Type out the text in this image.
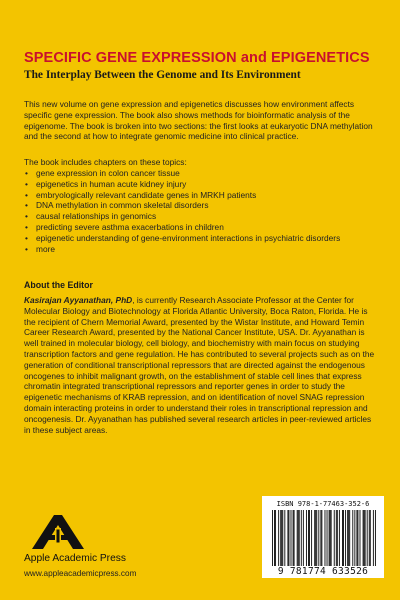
SPECIFIC GENE EXPRESSION and EPIGENETICS
The Interplay Between the Genome and Its Environment

This new volume on gene expression and epigenetics discusses how environment affects specific gene expression. The book also shows methods for bioinformatic analysis of the epigenome. The book is broken into two sections: the first looks at eukaryotic DNA methylation and the second at how to integrate genomic medicine into clinical practice.

The book includes chapters on these topics:

• gene expression in colon cancer tissue
• epigenetics in human acute kidney injury
• embryologically relevant candidate genes in MRKH patients
• DNA methylation in common skeletal disorders
• causal relationships in genomics
• predicting severe asthma exacerbations in children
• epigenetic understanding of gene-environment interactions in psychiatric disorders
• more
About the Editor

Kasirajan Ayyanathan, PhD, is currently Research Associate Professor at the Center for Molecular Biology and Biotechnology at Florida Atlantic University, Boca Raton, Florida. He is the recipient of Chern Memorial Award, presented by the Wistar Institute, and Howard Temin Career Research Award, presented by the National Cancer Institute, USA. Dr. Ayyanathan is well trained in molecular biology, cell biology, and biochemistry with main focus on studying transcription factors and gene regulation. He has contributed to several projects such as on the generation of conditional transcriptional repressors that are directed against the endogenous oncogenes to inhibit malignant growth, on the establishment of stable cell lines that express chromatin integrated transcriptional repressors and reporter genes in order to study the epigenetic mechanisms of KRAB repression, and on identification of novel SNAG repression domain interacting proteins in order to understand their roles in transcriptional repression and oncogenesis. Dr. Ayyanathan has published several research articles in peer-reviewed articles in these subject areas.

Apple Academic Press
www.appleacademicpress.com
ISBN 978-1-77463-352-6
9 781774 633526
